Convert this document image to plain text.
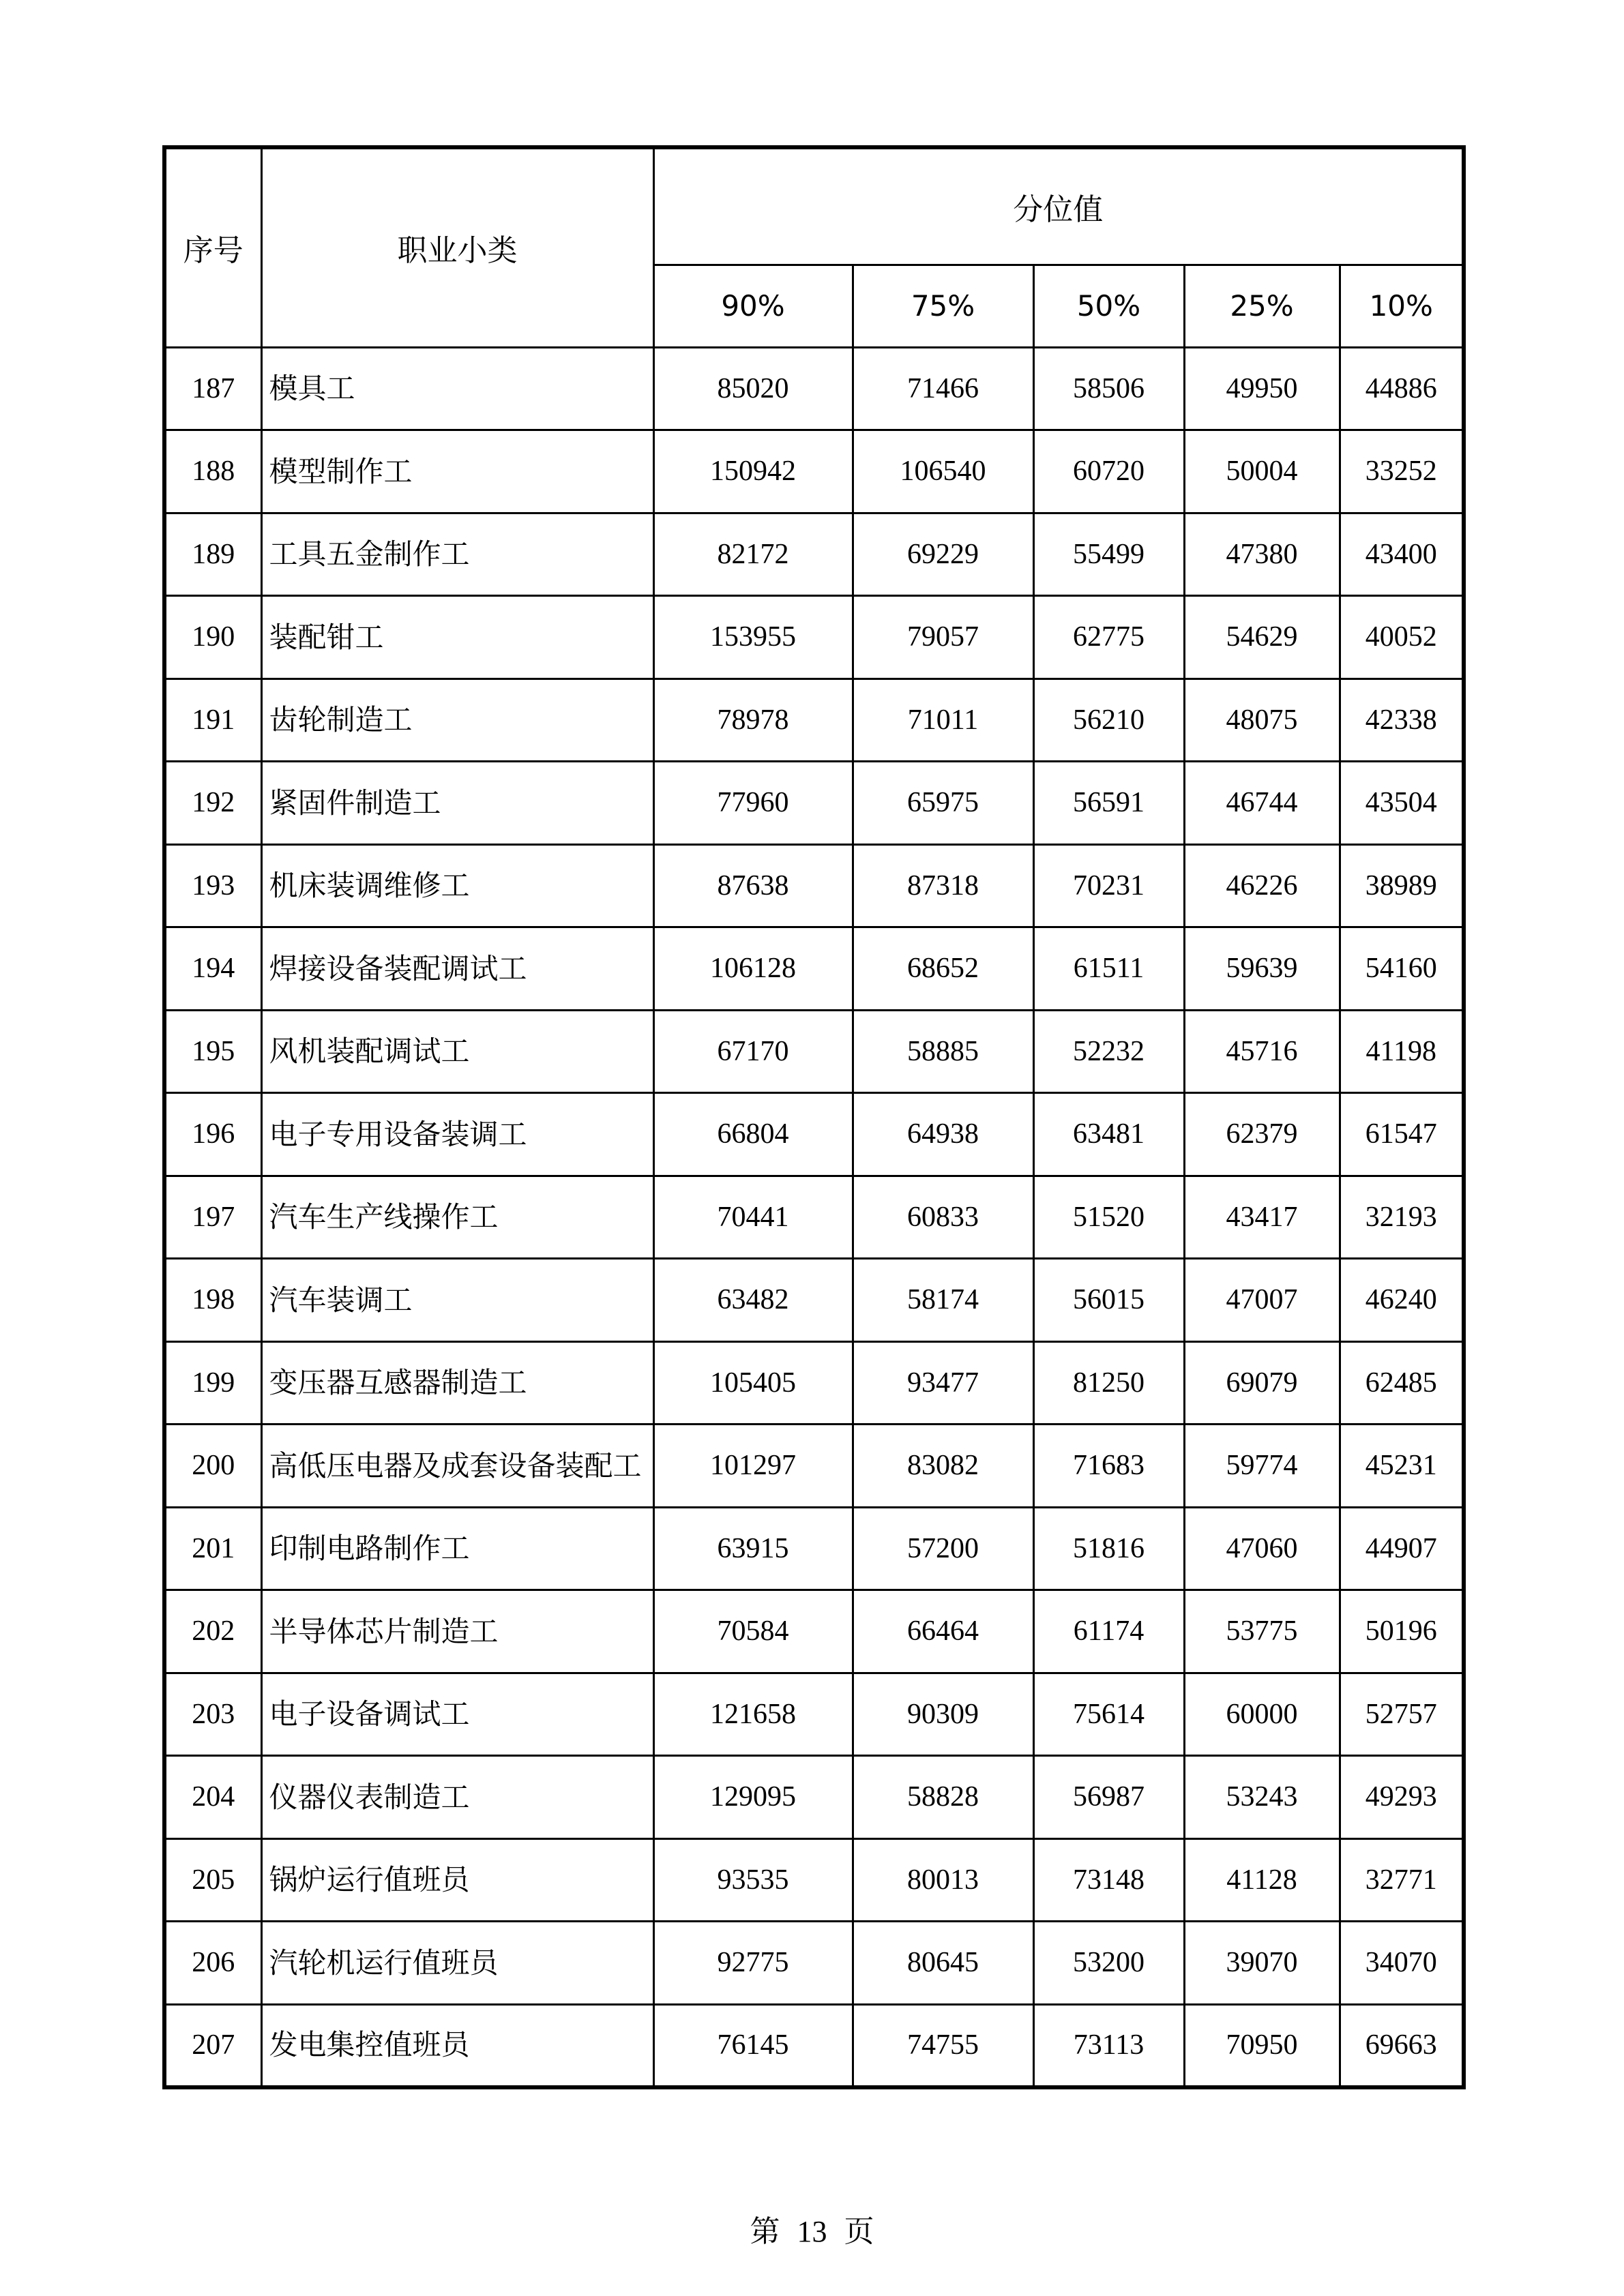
序号	职业小类	分位值				
		90%	75%	50%	25%	10%
187	模具工	85020	71466	58506	49950	44886
188	模型制作工	150942	106540	60720	50004	33252
189	工具五金制作工	82172	69229	55499	47380	43400
190	装配钳工	153955	79057	62775	54629	40052
191	齿轮制造工	78978	71011	56210	48075	42338
192	紧固件制造工	77960	65975	56591	46744	43504
193	机床装调维修工	87638	87318	70231	46226	38989
194	焊接设备装配调试工	106128	68652	61511	59639	54160
195	风机装配调试工	67170	58885	52232	45716	41198
196	电子专用设备装调工	66804	64938	63481	62379	61547
197	汽车生产线操作工	70441	60833	51520	43417	32193
198	汽车装调工	63482	58174	56015	47007	46240
199	变压器互感器制造工	105405	93477	81250	69079	62485
200	高低压电器及成套设备装配工	101297	83082	71683	59774	45231
201	印制电路制作工	63915	57200	51816	47060	44907
202	半导体芯片制造工	70584	66464	61174	53775	50196
203	电子设备调试工	121658	90309	75614	60000	52757
204	仪器仪表制造工	129095	58828	56987	53243	49293
205	锅炉运行值班员	93535	80013	73148	41128	32771
206	汽轮机运行值班员	92775	80645	53200	39070	34070
207	发电集控值班员	76145	74755	73113	70950	69663
第 13 页
